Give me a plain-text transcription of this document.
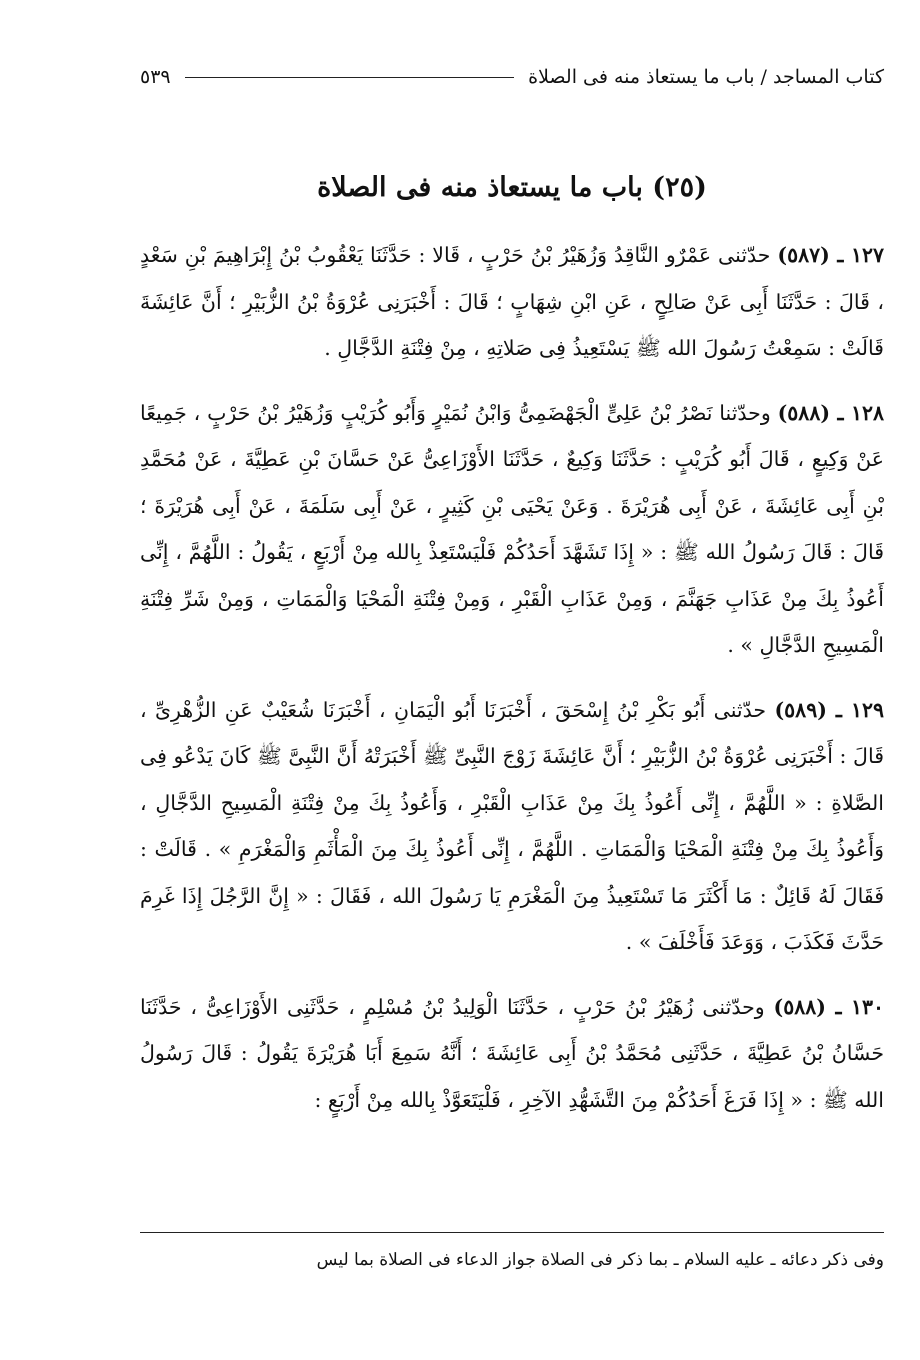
كتاب المساجد / باب ما يستعاذ منه فى الصلاة
٥٣٩
(٢٥) باب ما يستعاذ منه فى الصلاة

١٢٧ ـ (٥٨٧) حدّثنى عَمْرٌو النَّاقِدُ وَزُهَيْرُ بْنُ حَرْبٍ ، قَالا : حَدَّثَنَا يَعْقُوبُ بْنُ إِبْرَاهِيمَ بْنِ سَعْدٍ ، قَالَ : حَدَّثَنَا أَبِى عَنْ صَالِحٍ ، عَنِ ابْنِ شِهَابٍ ؛ قَالَ : أَخْبَرَنِى عُرْوَةُ بْنُ الزُّبَيْرِ ؛ أَنَّ عَائِشَةَ قَالَتْ : سَمِعْتُ رَسُولَ الله ﷺ يَسْتَعِيذُ فِى صَلاتِهِ ، مِنْ فِتْنَةِ الدَّجَّالِ .

١٢٨ ـ (٥٨٨) وحدّثنا نَصْرُ بْنُ عَلِىٍّ الْجَهْضَمِىُّ وَابْنُ نُمَيْرٍ وَأَبُو كُرَيْبٍ وَزُهَيْرُ بْنُ حَرْبٍ ، جَمِيعًا عَنْ وَكِيعٍ ، قَالَ أَبُو كُرَيْبٍ : حَدَّثَنَا وَكِيعٌ ، حَدَّثَنَا الأَوْزَاعِىُّ عَنْ حَسَّانَ بْنِ عَطِيَّةَ ، عَنْ مُحَمَّدِ بْنِ أَبِى عَائِشَةَ ، عَنْ أَبِى هُرَيْرَةَ . وَعَنْ يَحْيَى بْنِ كَثِيرٍ ، عَنْ أَبِى سَلَمَةَ ، عَنْ أَبِى هُرَيْرَةَ ؛ قَالَ : قَالَ رَسُولُ الله ﷺ : « إِذَا تَشَهَّدَ أَحَدُكُمْ فَلْيَسْتَعِذْ بِالله مِنْ أَرْبَعٍ ، يَقُولُ : اللَّهُمَّ ، إِنِّى أَعُوذُ بِكَ مِنْ عَذَابِ جَهَنَّمَ ، وَمِنْ عَذَابِ الْقَبْرِ ، وَمِنْ فِتْنَةِ الْمَحْيَا وَالْمَمَاتِ ، وَمِنْ شَرِّ فِتْنَةِ الْمَسِيحِ الدَّجَّالِ » .

١٢٩ ـ (٥٨٩) حدّثنى أَبُو بَكْرِ بْنُ إِسْحَقَ ، أَخْبَرَنَا أَبُو الْيَمَانِ ، أَخْبَرَنَا شُعَيْبٌ عَنِ الزُّهْرِىِّ ، قَالَ : أَخْبَرَنِى عُرْوَةُ بْنُ الزُّبَيْرِ ؛ أَنَّ عَائِشَةَ زَوْجَ النَّبِىِّ ﷺ أَخْبَرَتْهُ أَنَّ النَّبِىَّ ﷺ كَانَ يَدْعُو فِى الصَّلاةِ : « اللَّهُمَّ ، إِنِّى أَعُوذُ بِكَ مِنْ عَذَابِ الْقَبْرِ ، وَأَعُوذُ بِكَ مِنْ فِتْنَةِ الْمَسِيحِ الدَّجَّالِ ، وَأَعُوذُ بِكَ مِنْ فِتْنَةِ الْمَحْيَا وَالْمَمَاتِ . اللَّهُمَّ ، إِنِّى أَعُوذُ بِكَ مِنَ الْمَأْثَمِ وَالْمَغْرَمِ » . قَالَتْ : فَقَالَ لَهُ قَائِلٌ : مَا أَكْثَرَ مَا تَسْتَعِيذُ مِنَ الْمَغْرَمِ يَا رَسُولَ الله ، فَقَالَ : « إِنَّ الرَّجُلَ إِذَا غَرِمَ حَدَّثَ فَكَذَبَ ، وَوَعَدَ فَأَخْلَفَ » .

١٣٠ ـ (٥٨٨) وحدّثنى زُهَيْرُ بْنُ حَرْبٍ ، حَدَّثَنَا الْوَلِيدُ بْنُ مُسْلِمٍ ، حَدَّثَنِى الأَوْزَاعِىُّ ، حَدَّثَنَا حَسَّانُ بْنُ عَطِيَّةَ ، حَدَّثَنِى مُحَمَّدُ بْنُ أَبِى عَائِشَةَ ؛ أَنَّهُ سَمِعَ أَبَا هُرَيْرَةَ يَقُولُ : قَالَ رَسُولُ الله ﷺ : « إِذَا فَرَغَ أَحَدُكُمْ مِنَ التَّشَهُّدِ الآخِرِ ، فَلْيَتَعَوَّذْ بِالله مِنْ أَرْبَعٍ :

وفى ذكر دعائه ـ عليه السلام ـ بما ذكر فى الصلاة جواز الدعاء فى الصلاة بما ليس
